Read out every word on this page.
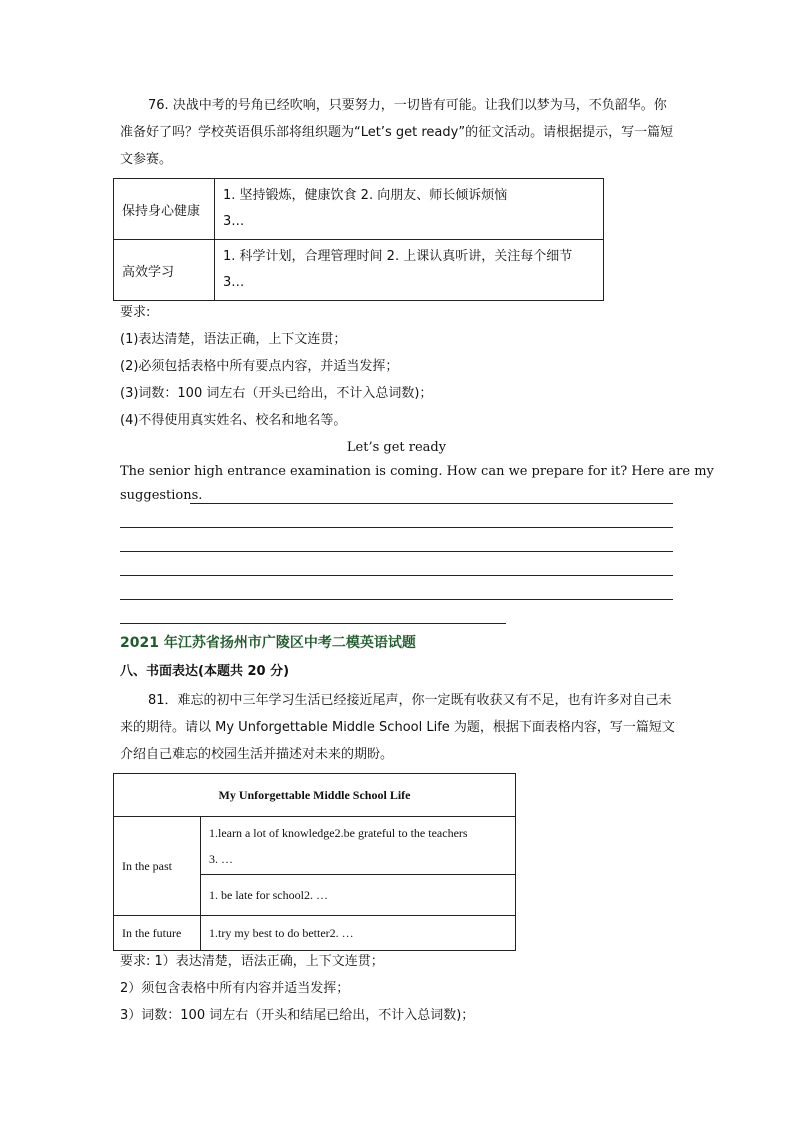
76. 决战中考的号角已经吹响，只要努力，一切皆有可能。让我们以梦为马，不负韶华。你准备好了吗？学校英语俱乐部将组织题为“Let’s get ready”的征文活动。请根据提示，写一篇短文参赛。

保持身心健康	1. 坚持锻炼，健康饮食 2. 向朋友、师长倾诉烦恼
3…

高效学习	1. 科学计划，合理管理时间 2. 上课认真听讲，关注每个细节
3…

要求:

(1)表达清楚，语法正确，上下文连贯；

(2)必须包括表格中所有要点内容，并适当发挥；

(3)词数：100 词左右（开头已给出，不计入总词数)；

(4)不得使用真实姓名、校名和地名等。

Let’s get ready

The senior high entrance examination is coming. How can we prepare for it? Here are my

suggestions.

2021 年江苏省扬州市广陵区中考二模英语试题

八、书面表达(本题共 20 分)

81．难忘的初中三年学习生活已经接近尾声，你一定既有收获又有不足，也有许多对自己未来的期待。请以 My Unforgettable Middle School Life 为题，根据下面表格内容，写一篇短文介绍自己难忘的校园生活并描述对未来的期盼。

My Unforgettable Middle School Life	
In the past	1.learn a lot of knowledge2.be grateful to the teachers
3. …

	1. be late for school2. …

In the future	1.try my best to do better2. …

要求: 1）表达清楚，语法正确，上下文连贯；

2）须包含表格中所有内容并适当发挥；

3）词数：100 词左右（开头和结尾已给出，不计入总词数)；
